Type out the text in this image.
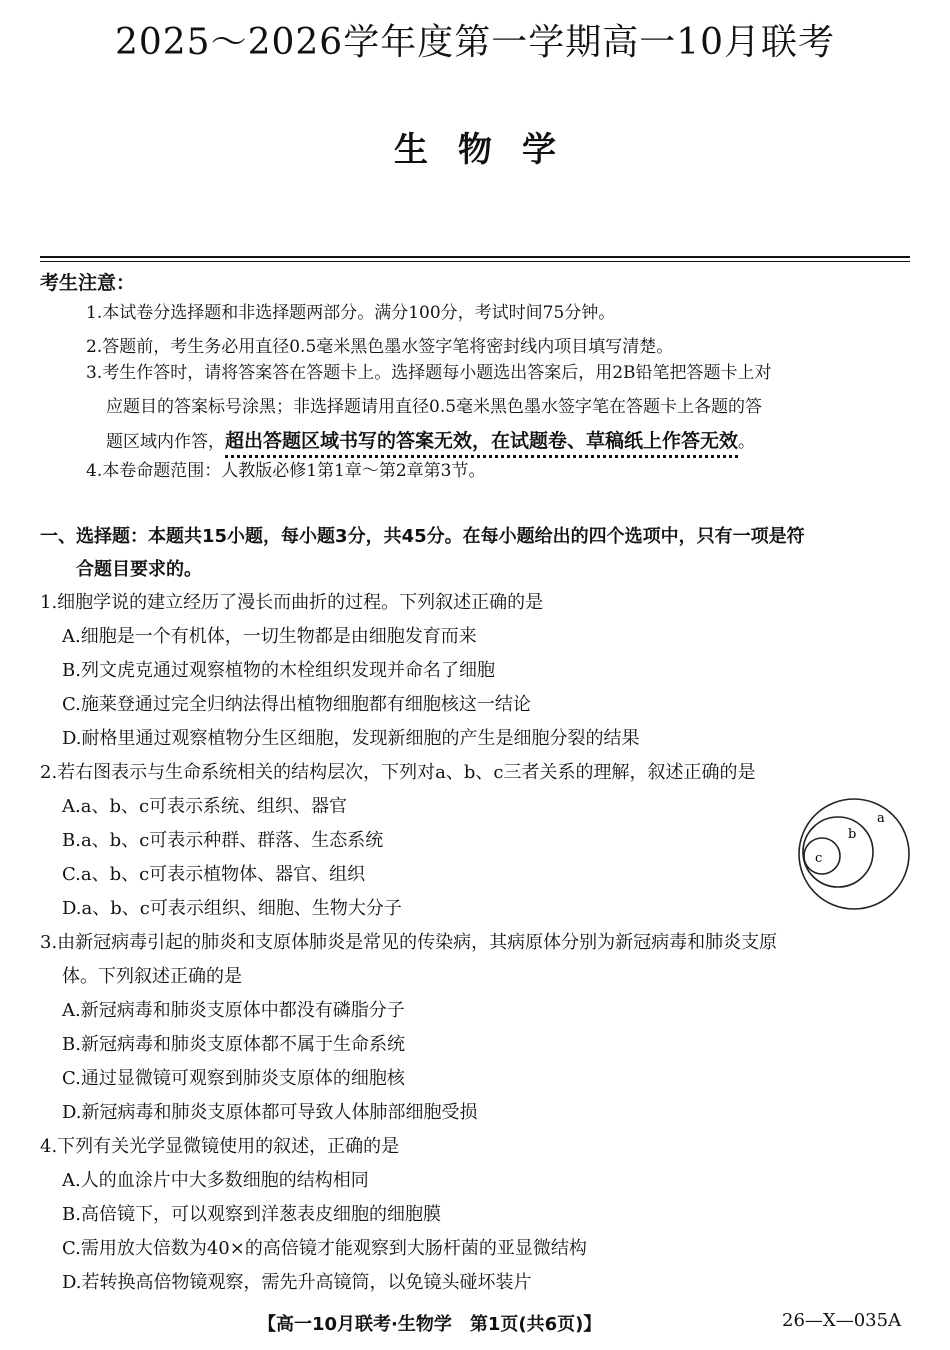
2025～2026学年度第一学期高一10月联考
生物学
考生注意：
1.本试卷分选择题和非选择题两部分。满分100分，考试时间75分钟。
2.答题前，考生务必用直径0.5毫米黑色墨水签字笔将密封线内项目填写清楚。
3.考生作答时，请将答案答在答题卡上。选择题每小题选出答案后，用2B铅笔把答题卡上对
应题目的答案标号涂黑；非选择题请用直径0.5毫米黑色墨水签字笔在答题卡上各题的答
题区域内作答，超出答题区域书写的答案无效，在试题卷、草稿纸上作答无效。
4.本卷命题范围：人教版必修1第1章～第2章第3节。
一、选择题：本题共15小题，每小题3分，共45分。在每小题给出的四个选项中，只有一项是符
合题目要求的。
1.细胞学说的建立经历了漫长而曲折的过程。下列叙述正确的是
A.细胞是一个有机体，一切生物都是由细胞发育而来
B.列文虎克通过观察植物的木栓组织发现并命名了细胞
C.施莱登通过完全归纳法得出植物细胞都有细胞核这一结论
D.耐格里通过观察植物分生区细胞，发现新细胞的产生是细胞分裂的结果
2.若右图表示与生命系统相关的结构层次，下列对a、b、c三者关系的理解，叙述正确的是
A.a、b、c可表示系统、组织、器官
B.a、b、c可表示种群、群落、生态系统
C.a、b、c可表示植物体、器官、组织
D.a、b、c可表示组织、细胞、生物大分子
a
b
c
3.由新冠病毒引起的肺炎和支原体肺炎是常见的传染病，其病原体分别为新冠病毒和肺炎支原
体。下列叙述正确的是
A.新冠病毒和肺炎支原体中都没有磷脂分子
B.新冠病毒和肺炎支原体都不属于生命系统
C.通过显微镜可观察到肺炎支原体的细胞核
D.新冠病毒和肺炎支原体都可导致人体肺部细胞受损
4.下列有关光学显微镜使用的叙述，正确的是
A.人的血涂片中大多数细胞的结构相同
B.高倍镜下，可以观察到洋葱表皮细胞的细胞膜
C.需用放大倍数为40×的高倍镜才能观察到大肠杆菌的亚显微结构
D.若转换高倍物镜观察，需先升高镜筒，以免镜头碰坏装片
【高一10月联考·生物学　第1页(共6页)】	26—X—035A
